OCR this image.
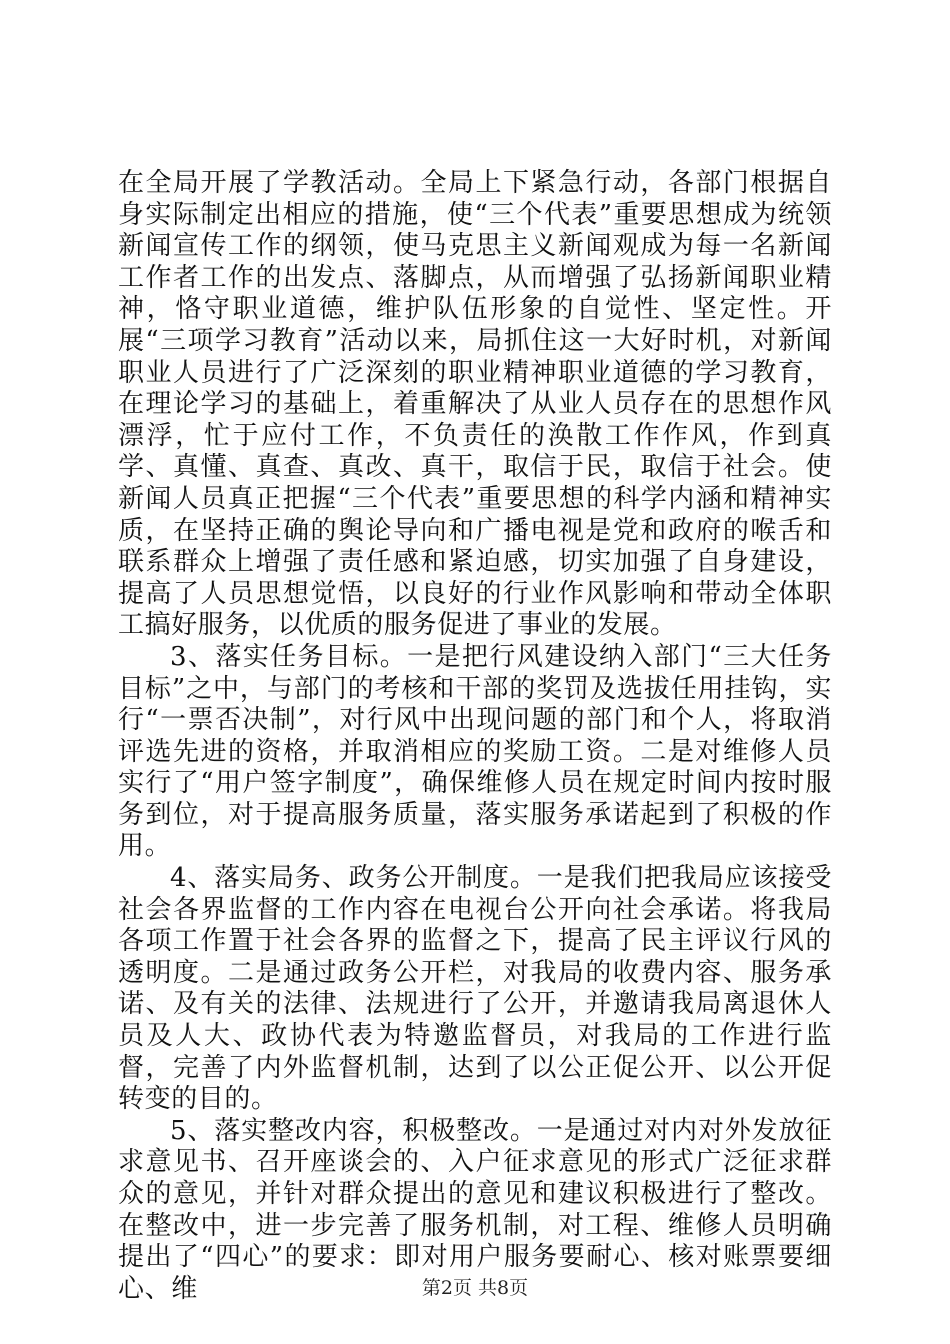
在全局开展了学教活动。全局上下紧急行动，各部门根据自身实际制定出相应的措施，使“三个代表”重要思想成为统领新闻宣传工作的纲领，使马克思主义新闻观成为每一名新闻工作者工作的出发点、落脚点，从而增强了弘扬新闻职业精神，恪守职业道德，维护队伍形象的自觉性、坚定性。开展“三项学习教育”活动以来，局抓住这一大好时机，对新闻职业人员进行了广泛深刻的职业精神职业道德的学习教育，在理论学习的基础上，着重解决了从业人员存在的思想作风漂浮，忙于应付工作，不负责任的涣散工作作风，作到真学、真懂、真查、真改、真干，取信于民，取信于社会。使新闻人员真正把握“三个代表”重要思想的科学内涵和精神实质，在坚持正确的舆论导向和广播电视是党和政府的喉舌和联系群众上增强了责任感和紧迫感，切实加强了自身建设，提高了人员思想觉悟，以良好的行业作风影响和带动全体职工搞好服务，以优质的服务促进了事业的发展。

3、落实任务目标。一是把行风建设纳入部门“三大任务目标”之中，与部门的考核和干部的奖罚及选拔任用挂钩，实行“一票否决制”，对行风中出现问题的部门和个人，将取消评选先进的资格，并取消相应的奖励工资。二是对维修人员实行了“用户签字制度”，确保维修人员在规定时间内按时服务到位，对于提高服务质量，落实服务承诺起到了积极的作用。

4、落实局务、政务公开制度。一是我们把我局应该接受社会各界监督的工作内容在电视台公开向社会承诺。将我局各项工作置于社会各界的监督之下，提高了民主评议行风的透明度。二是通过政务公开栏，对我局的收费内容、服务承诺、及有关的法律、法规进行了公开，并邀请我局离退休人员及人大、政协代表为特邀监督员，对我局的工作进行监督，完善了内外监督机制，达到了以公正促公开、以公开促转变的目的。

5、落实整改内容，积极整改。一是通过对内对外发放征求意见书、召开座谈会的、入户征求意见的形式广泛征求群众的意见，并针对群众提出的意见和建议积极进行了整改。在整改中，进一步完善了服务机制，对工程、维修人员明确提出了“四心”的要求：即对用户服务要耐心、核对账票要细心、维	第2页 共8页
